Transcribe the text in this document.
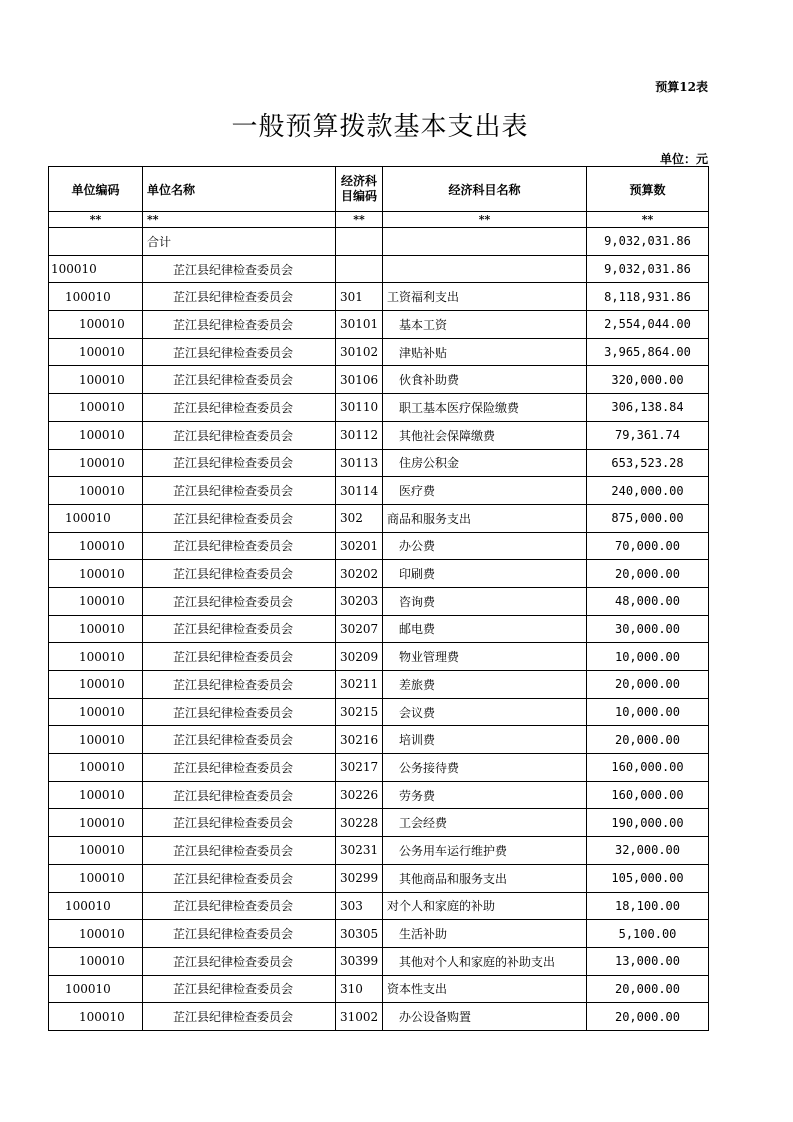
预算12表
一般预算拨款基本支出表
单位：元
单位编码	单位名称	经济科目编码	经济科目名称	预算数
**	**	**	**	**
	合计			9,032,031.86
100010	芷江县纪律检查委员会			9,032,031.86
100010	芷江县纪律检查委员会	301	工资福利支出	8,118,931.86
100010	芷江县纪律检查委员会	30101	基本工资	2,554,044.00
100010	芷江县纪律检查委员会	30102	津贴补贴	3,965,864.00
100010	芷江县纪律检查委员会	30106	伙食补助费	320,000.00
100010	芷江县纪律检查委员会	30110	职工基本医疗保险缴费	306,138.84
100010	芷江县纪律检查委员会	30112	其他社会保障缴费	79,361.74
100010	芷江县纪律检查委员会	30113	住房公积金	653,523.28
100010	芷江县纪律检查委员会	30114	医疗费	240,000.00
100010	芷江县纪律检查委员会	302	商品和服务支出	875,000.00
100010	芷江县纪律检查委员会	30201	办公费	70,000.00
100010	芷江县纪律检查委员会	30202	印刷费	20,000.00
100010	芷江县纪律检查委员会	30203	咨询费	48,000.00
100010	芷江县纪律检查委员会	30207	邮电费	30,000.00
100010	芷江县纪律检查委员会	30209	物业管理费	10,000.00
100010	芷江县纪律检查委员会	30211	差旅费	20,000.00
100010	芷江县纪律检查委员会	30215	会议费	10,000.00
100010	芷江县纪律检查委员会	30216	培训费	20,000.00
100010	芷江县纪律检查委员会	30217	公务接待费	160,000.00
100010	芷江县纪律检查委员会	30226	劳务费	160,000.00
100010	芷江县纪律检查委员会	30228	工会经费	190,000.00
100010	芷江县纪律检查委员会	30231	公务用车运行维护费	32,000.00
100010	芷江县纪律检查委员会	30299	其他商品和服务支出	105,000.00
100010	芷江县纪律检查委员会	303	对个人和家庭的补助	18,100.00
100010	芷江县纪律检查委员会	30305	生活补助	5,100.00
100010	芷江县纪律检查委员会	30399	其他对个人和家庭的补助支出	13,000.00
100010	芷江县纪律检查委员会	310	资本性支出	20,000.00
100010	芷江县纪律检查委员会	31002	办公设备购置	20,000.00
